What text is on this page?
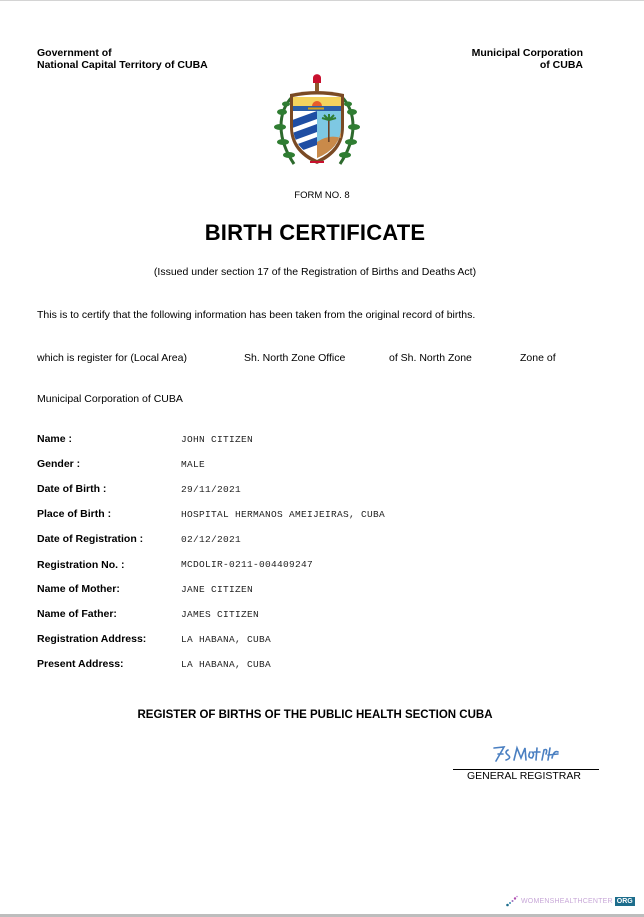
Government of
National Capital Territory of CUBA
Municipal Corporation
of CUBA
FORM NO. 8
BIRTH CERTIFICATE
(Issued under section 17 of the Registration of Births and Deaths Act)
This is to certify that the following information has been taken from the original record of births.
which is register for (Local Area)	Sh. North Zone Office	of Sh. North Zone	Zone of
Municipal Corporation of CUBA
Name :	JOHN CITIZEN
Gender :	MALE
Date of Birth :	29/11/2021
Place of Birth :	HOSPITAL HERMANOS AMEIJEIRAS, CUBA
Date of Registration :	02/12/2021
Registration No. :	MCDOLIR-0211-004409247
Name of Mother:	JANE CITIZEN
Name of Father:	JAMES CITIZEN
Registration Address:	LA HABANA, CUBA
Present Address:	LA HABANA, CUBA
REGISTER OF BIRTHS OF THE PUBLIC HEALTH SECTION CUBA
GENERAL REGISTRAR
WOMENSHEALTHCENTER ORG
